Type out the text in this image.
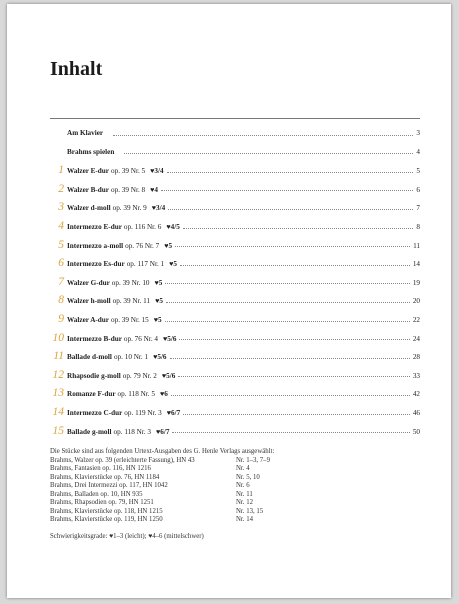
Inhalt
Am Klavier	3
Brahms spielen	4
1 Walzer E-dur op. 39 Nr. 5 ♥3/4	5
2 Walzer B-dur op. 39 Nr. 8 ♥4	6
3 Walzer d-moll op. 39 Nr. 9 ♥3/4	7
4 Intermezzo E-dur op. 116 Nr. 6 ♥4/5	8
5 Intermezzo a-moll op. 76 Nr. 7 ♥5	11
6 Intermezzo Es-dur op. 117 Nr. 1 ♥5	14
7 Walzer G-dur op. 39 Nr. 10 ♥5	19
8 Walzer h-moll op. 39 Nr. 11 ♥5	20
9 Walzer A-dur op. 39 Nr. 15 ♥5	22
10 Intermezzo B-dur op. 76 Nr. 4 ♥5/6	24
11 Ballade d-moll op. 10 Nr. 1 ♥5/6	28
12 Rhapsodie g-moll op. 79 Nr. 2 ♥5/6	33
13 Romanze F-dur op. 118 Nr. 5 ♥6	42
14 Intermezzo C-dur op. 119 Nr. 3 ♥6/7	46
15 Ballade g-moll op. 118 Nr. 3 ♥6/7	50
Die Stücke sind aus folgenden Urtext-Ausgaben des G. Henle Verlags ausgewählt:
Brahms, Walzer op. 39 (erleichterte Fassung), HN 43	Nr. 1–3, 7–9
Brahms, Fantasien op. 116, HN 1216	Nr. 4
Brahms, Klavierstücke op. 76, HN 1184	Nr. 5, 10
Brahms, Drei Intermezzi op. 117, HN 1042	Nr. 6
Brahms, Balladen op. 10, HN 935	Nr. 11
Brahms, Rhapsodien op. 79, HN 1251	Nr. 12
Brahms, Klavierstücke op. 118, HN 1215	Nr. 13, 15
Brahms, Klavierstücke op. 119, HN 1250	Nr. 14
Schwierigkeitsgrade: ♥1–3 (leicht); ♥4–6 (mittelschwer)
